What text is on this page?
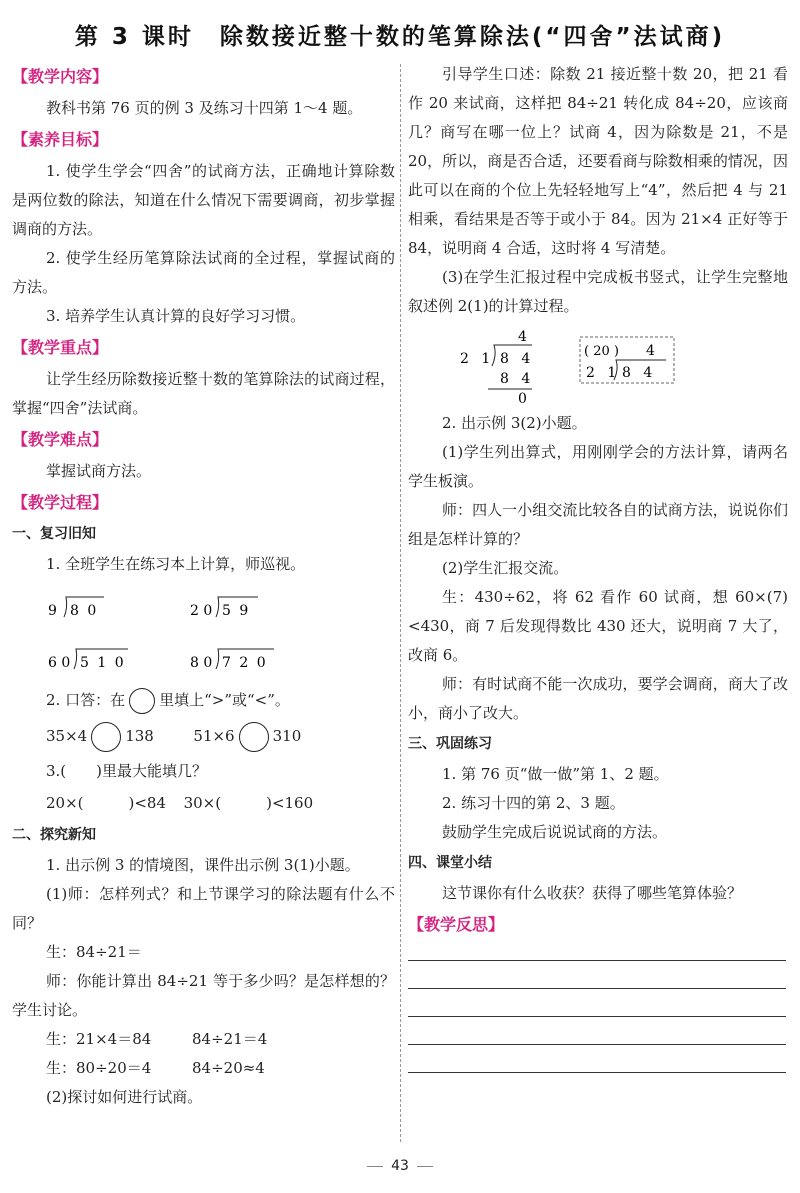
第 3 课时　除数接近整十数的笔算除法(“四舍”法试商)
【教学内容】

教科书第 76 页的例 3 及练习十四第 1～4 题。

【素养目标】

1. 使学生学会“四舍”的试商方法，正确地计算除数是两位数的除法，知道在什么情况下需要调商，初步掌握调商的方法。

2. 使学生经历笔算除法试商的全过程，掌握试商的方法。

3. 培养学生认真计算的良好学习习惯。

【教学重点】

让学生经历除数接近整十数的笔算除法的试商过程，掌握“四舍”法试商。

【教学难点】

掌握试商方法。

【教学过程】
一、复习旧知

1. 全班学生在练习本上计算，师巡视。

9 8 0	2 0 5 9
6 0 5 1 0	8 0 7 2 0

2. 口答：在 里填上“>”或“<”。

35×4	138	51×6	310

3.(　　)里最大能填几？

20×(　　　)<84 30×(　　　)<160

二、探究新知

1. 出示例 3 的情境图，课件出示例 3(1)小题。

(1)师：怎样列式？和上节课学习的除法题有什么不同？

生：84÷21＝

师：你能计算出 84÷21 等于多少吗？是怎样想的？学生讨论。

生：21×4＝84	84÷21＝4

生：80÷20＝4	84÷20≈4

(2)探讨如何进行试商。

引导学生口述：除数 21 接近整十数 20，把 21 看作 20 来试商，这样把 84÷21 转化成 84÷20，应该商几？商写在哪一位上？试商 4，因为除数是 21，不是 20，所以，商是否合适，还要看商与除数相乘的情况，因此可以在商的个位上先轻轻地写上“4”，然后把 4 与 21 相乘，看结果是否等于或小于 84。因为 21×4 正好等于 84，说明商 4 合适，这时将 4 写清楚。

(3)在学生汇报过程中完成板书竖式，让学生完整地叙述例 2(1)的计算过程。

4
2 1 8 4
8 4
0
( 20 ) 4
2 1 8 4

2. 出示例 3(2)小题。

(1)学生列出算式，用刚刚学会的方法计算，请两名学生板演。

师：四人一小组交流比较各自的试商方法，说说你们组是怎样计算的？

(2)学生汇报交流。

生：430÷62，将 62 看作 60 试商，想 60×(7)<430，商 7 后发现得数比 430 还大，说明商 7 大了，改商 6。

师：有时试商不能一次成功，要学会调商，商大了改小，商小了改大。

三、巩固练习

1. 第 76 页“做一做”第 1、2 题。

2. 练习十四的第 2、3 题。

鼓励学生完成后说说试商的方法。

四、课堂小结

这节课你有什么收获？获得了哪些笔算体验？

【教学反思】
43
